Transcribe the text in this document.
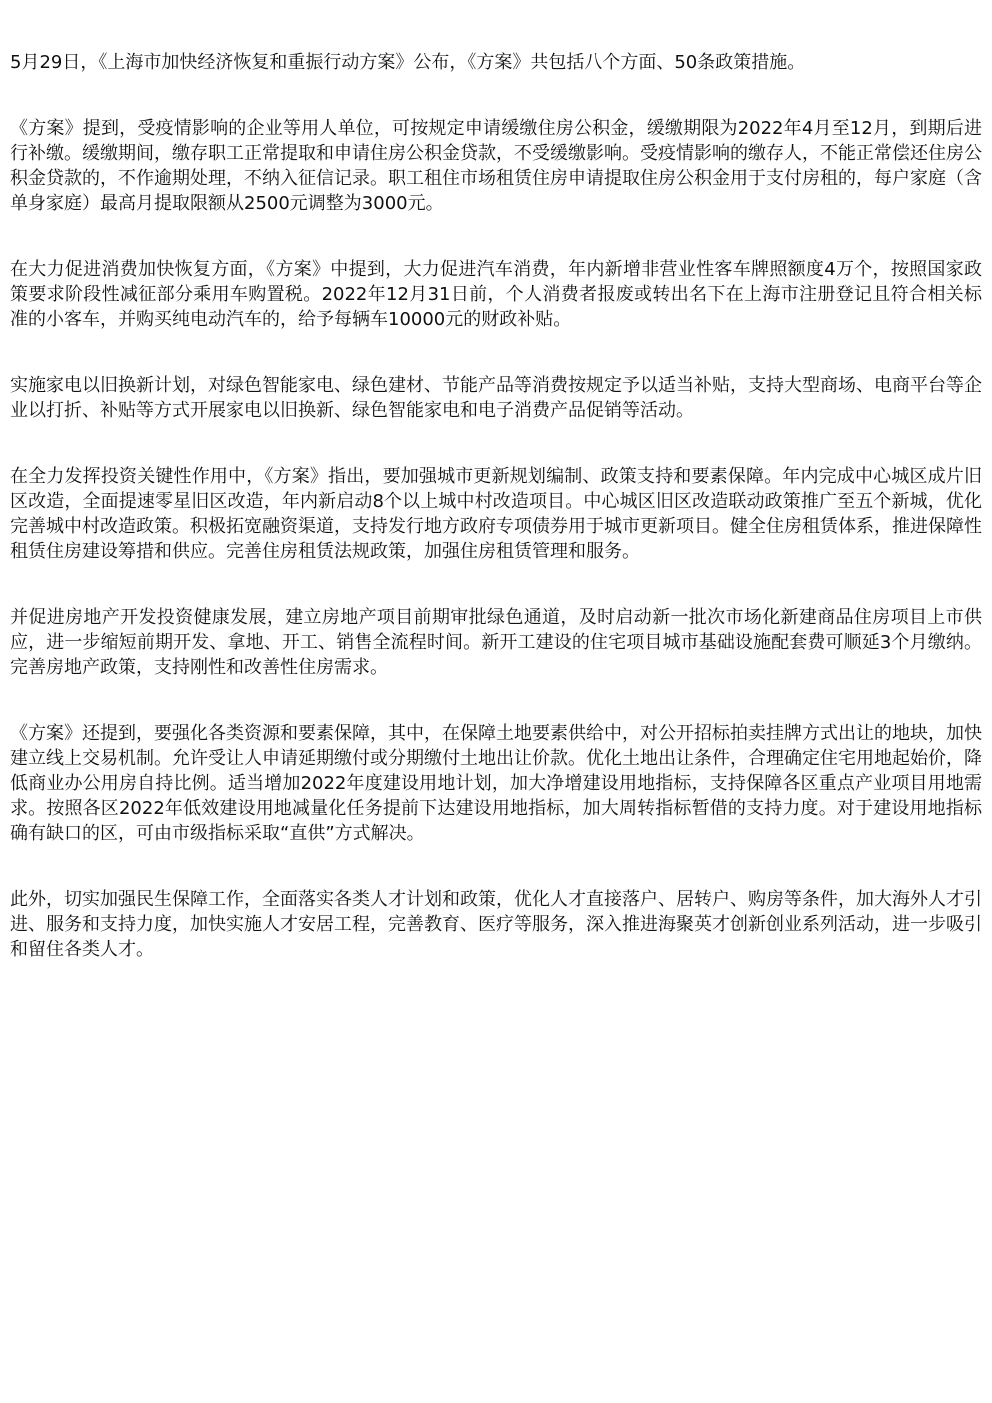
5月29日，《上海市加快经济恢复和重振行动方案》公布，《方案》共包括八个方面、50条政策措施。

《方案》提到，受疫情影响的企业等用人单位，可按规定申请缓缴住房公积金，缓缴期限为2022年4月至12月，到期后进行补缴。缓缴期间，缴存职工正常提取和申请住房公积金贷款，不受缓缴影响。受疫情影响的缴存人，不能正常偿还住房公积金贷款的，不作逾期处理，不纳入征信记录。职工租住市场租赁住房申请提取住房公积金用于支付房租的，每户家庭（含单身家庭）最高月提取限额从2500元调整为3000元。

在大力促进消费加快恢复方面，《方案》中提到，大力促进汽车消费，年内新增非营业性客车牌照额度4万个，按照国家政策要求阶段性减征部分乘用车购置税。2022年12月31日前，个人消费者报废或转出名下在上海市注册登记且符合相关标准的小客车，并购买纯电动汽车的，给予每辆车10000元的财政补贴。

实施家电以旧换新计划，对绿色智能家电、绿色建材、节能产品等消费按规定予以适当补贴，支持大型商场、电商平台等企业以打折、补贴等方式开展家电以旧换新、绿色智能家电和电子消费产品促销等活动。

在全力发挥投资关键性作用中，《方案》指出，要加强城市更新规划编制、政策支持和要素保障。年内完成中心城区成片旧区改造，全面提速零星旧区改造，年内新启动8个以上城中村改造项目。中心城区旧区改造联动政策推广至五个新城，优化完善城中村改造政策。积极拓宽融资渠道，支持发行地方政府专项债券用于城市更新项目。健全住房租赁体系，推进保障性租赁住房建设筹措和供应。完善住房租赁法规政策，加强住房租赁管理和服务。

并促进房地产开发投资健康发展，建立房地产项目前期审批绿色通道，及时启动新一批次市场化新建商品住房项目上市供应，进一步缩短前期开发、拿地、开工、销售全流程时间。新开工建设的住宅项目城市基础设施配套费可顺延3个月缴纳。完善房地产政策，支持刚性和改善性住房需求。

《方案》还提到，要强化各类资源和要素保障，其中，在保障土地要素供给中，对公开招标拍卖挂牌方式出让的地块，加快建立线上交易机制。允许受让人申请延期缴付或分期缴付土地出让价款。优化土地出让条件，合理确定住宅用地起始价，降低商业办公用房自持比例。适当增加2022年度建设用地计划，加大净增建设用地指标，支持保障各区重点产业项目用地需求。按照各区2022年低效建设用地减量化任务提前下达建设用地指标，加大周转指标暂借的支持力度。对于建设用地指标确有缺口的区，可由市级指标采取“直供”方式解决。

此外，切实加强民生保障工作，全面落实各类人才计划和政策，优化人才直接落户、居转户、购房等条件，加大海外人才引进、服务和支持力度，加快实施人才安居工程，完善教育、医疗等服务，深入推进海聚英才创新创业系列活动，进一步吸引和留住各类人才。
